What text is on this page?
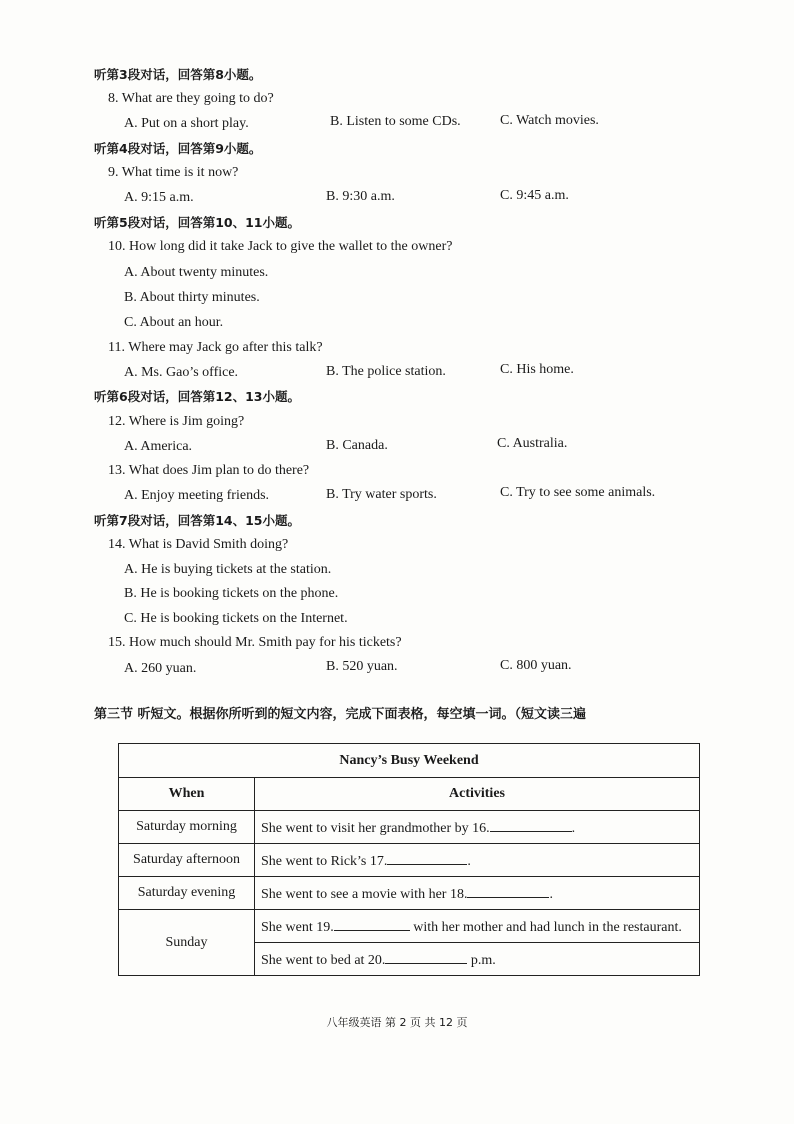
听第3段对话，回答第8小题。
8. What are they going to do?
A. Put on a short play.	B. Listen to some CDs.	C. Watch movies.
听第4段对话，回答第9小题。
9. What time is it now?
A. 9:15 a.m.	B. 9:30 a.m.	C. 9:45 a.m.
听第5段对话，回答第10、11小题。
10. How long did it take Jack to give the wallet to the owner?
A. About twenty minutes.
B. About thirty minutes.
C. About an hour.
11. Where may Jack go after this talk?
A. Ms. Gao’s office.	B. The police station.	C. His home.
听第6段对话，回答第12、13小题。
12. Where is Jim going?
A. America.	B. Canada.	C. Australia.
13. What does Jim plan to do there?
A. Enjoy meeting friends.	B. Try water sports.	C. Try to see some animals.
听第7段对话，回答第14、15小题。
14. What is David Smith doing?
A. He is buying tickets at the station.
B. He is booking tickets on the phone.
C. He is booking tickets on the Internet.
15. How much should Mr. Smith pay for his tickets?
A. 260 yuan.	B. 520 yuan.	C. 800 yuan.
第三节 听短文。根据你所听到的短文内容，完成下面表格，每空填一词。（短文读三遍
Nancy’s Busy Weekend	
When	Activities
Saturday morning	She went to visit her grandmother by 16. .
Saturday afternoon	She went to Rick’s 17. .
Saturday evening	She went to see a movie with her 18. .
Sunday	She went 19. with her mother and had lunch in the restaurant.
	She went to bed at 20. p.m.
八年级英语 第 2 页 共 12 页
